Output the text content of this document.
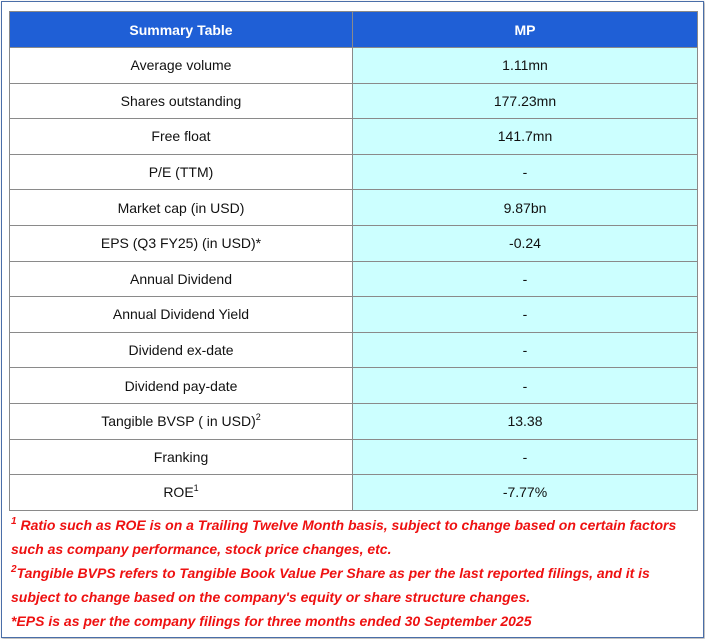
Summary Table	MP
Average volume	1.11mn
Shares outstanding	177.23mn
Free float	141.7mn
P/E (TTM)	-
Market cap (in USD)	9.87bn
EPS (Q3 FY25) (in USD)*	-0.24
Annual Dividend	-
Annual Dividend Yield	-
Dividend ex-date	-
Dividend pay-date	-
Tangible BVSP ( in USD)$^2$	13.38
Franking	-
ROE$^1$	-7.77%

$^1$ Ratio such as ROE is on a Trailing Twelve Month basis, subject to change based on certain factors such as company performance, stock price changes, etc.

$^2$Tangible BVPS refers to Tangible Book Value Per Share as per the last reported filings, and it is subject to change based on the company's equity or share structure changes.

*EPS is as per the company filings for three months ended 30 September 2025
